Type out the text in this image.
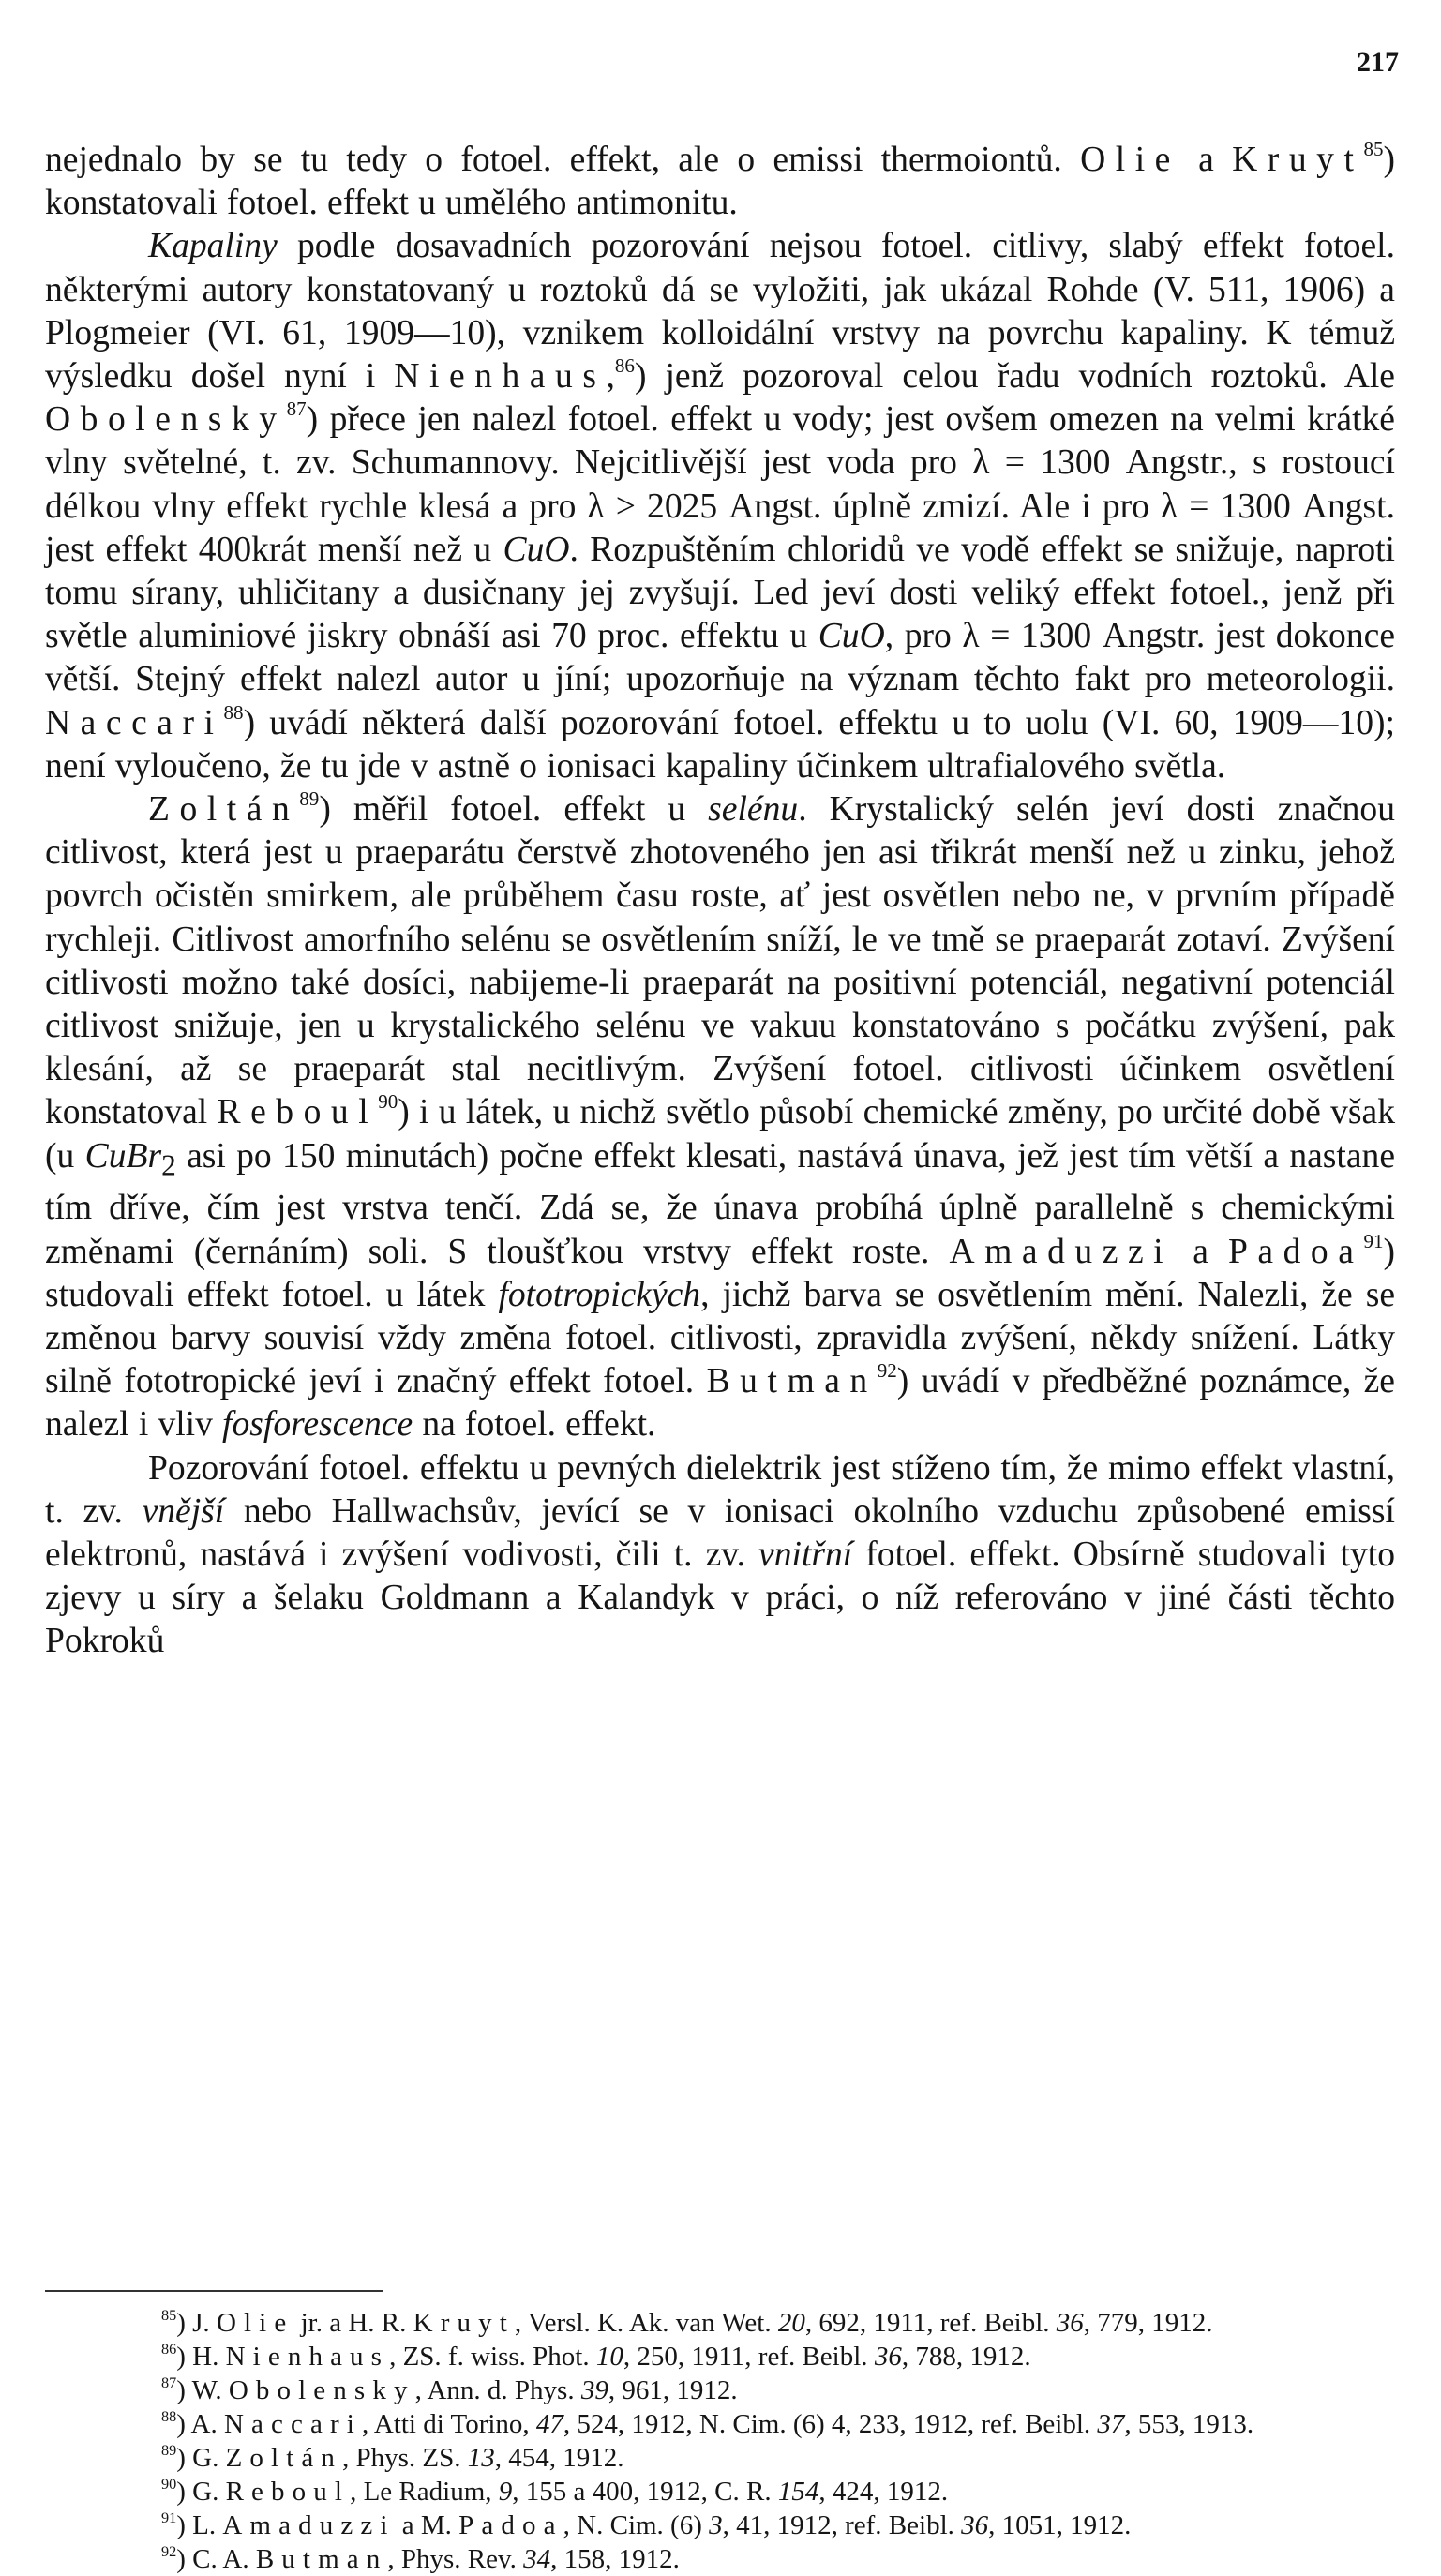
217

nejednalo by se tu tedy o fotoel. effekt, ale o emissi thermoiontů. Olie a Kruyt$^{85}$) konstatovali fotoel. effekt u umělého antimonitu.

Kapaliny podle dosavadních pozorování nejsou fotoel. citlivy, slabý effekt fotoel. některými autory konstatovaný u roztoků dá se vyložiti, jak ukázal Rohde (V. 511, 1906) a Plogmeier (VI. 61, 1909—10), vznikem kolloidální vrstvy na povrchu kapaliny. K témuž výsledku došel nyní i Nienhaus,$^{86}$) jenž pozoroval celou řadu vodních roztoků. Ale Obolensky$^{87}$) přece jen nalezl fotoel. effekt u vody; jest ovšem omezen na velmi krátké vlny světelné, t. zv. Schumannovy. Nejcitlivější jest voda pro λ = 1300 Angstr., s rostoucí délkou vlny effekt rychle klesá a pro λ > 2025 Angst. úplně zmizí. Ale i pro λ = 1300 Angst. jest effekt 400krát menší než u CuO. Rozpuštěním chloridů ve vodě effekt se snižuje, naproti tomu sírany, uhličitany a dusičnany jej zvyšují. Led jeví dosti veliký effekt fotoel., jenž při světle aluminiové jiskry obnáší asi 70 proc. effektu u CuO, pro λ = 1300 Angstr. jest dokonce větší. Stejný effekt nalezl autor u jíní; upozorňuje na význam těchto fakt pro meteorologii. Naccari$^{88}$) uvádí některá další pozorování fotoel. effektu u to uolu (VI. 60, 1909—10); není vyloučeno, že tu jde v astně o ionisaci kapaliny účinkem ultrafialového světla.

Zoltán$^{89}$) měřil fotoel. effekt u selénu. Krystalický selén jeví dosti značnou citlivost, která jest u praeparátu čerstvě zhotoveného jen asi třikrát menší než u zinku, jehož povrch očistěn smirkem, ale průběhem času roste, ať jest osvětlen nebo ne, v prvním případě rychleji. Citlivost amorfního selénu se osvětlením sníží, le ve tmě se praeparát zotaví. Zvýšení citlivosti možno také dosíci, nabijeme-li praeparát na positivní potenciál, negativní potenciál citlivost snižuje, jen u krystalického selénu ve vakuu konstatováno s počátku zvýšení, pak klesání, až se praeparát stal necitlivým. Zvýšení fotoel. citlivosti účinkem osvětlení konstatoval Reboul$^{90}$) i u látek, u nichž světlo působí chemické změny, po určité době však (u CuBr$_2$ asi po 150 minutách) počne effekt klesati, nastává únava, jež jest tím větší a nastane tím dříve, čím jest vrstva tenčí. Zdá se, že únava probíhá úplně parallelně s chemickými změnami (černáním) soli. S tloušťkou vrstvy effekt roste. Amaduzzi a Padoa$^{91}$) studovali effekt fotoel. u látek fototropických, jichž barva se osvětlením mění. Nalezli, že se změnou barvy souvisí vždy změna fotoel. citlivosti, zpravidla zvýšení, někdy snížení. Látky silně fototropické jeví i značný effekt fotoel. Butman$^{92}$) uvádí v předběžné poznámce, že nalezl i vliv fosforescence na fotoel. effekt.

Pozorování fotoel. effektu u pevných dielektrik jest stíženo tím, že mimo effekt vlastní, t. zv. vnější nebo Hallwachsův, jevící se v ionisaci okolního vzduchu způsobené emissí elektronů, nastává i zvýšení vodivosti, čili t. zv. vnitřní fotoel. effekt. Obsírně studovali tyto zjevy u síry a šelaku Goldmann a Kalandyk v práci, o níž referováno v jiné části těchto Pokroků

$^{85}$) J. Olie jr. a H. R. Kruyt, Versl. K. Ak. van Wet. 20, 692, 1911, ref. Beibl. 36, 779, 1912.

$^{86}$) H. Nienhaus, ZS. f. wiss. Phot. 10, 250, 1911, ref. Beibl. 36, 788, 1912.

$^{87}$) W. Obolensky, Ann. d. Phys. 39, 961, 1912.

$^{88}$) A. Naccari, Atti di Torino, 47, 524, 1912, N. Cim. (6) 4, 233, 1912, ref. Beibl. 37, 553, 1913.

$^{89}$) G. Zoltán, Phys. ZS. 13, 454, 1912.

$^{90}$) G. Reboul, Le Radium, 9, 155 a 400, 1912, C. R. 154, 424, 1912.

$^{91}$) L. Amaduzzi a M. Padoa, N. Cim. (6) 3, 41, 1912, ref. Beibl. 36, 1051, 1912.

$^{92}$) C. A. Butman, Phys. Rev. 34, 158, 1912.
